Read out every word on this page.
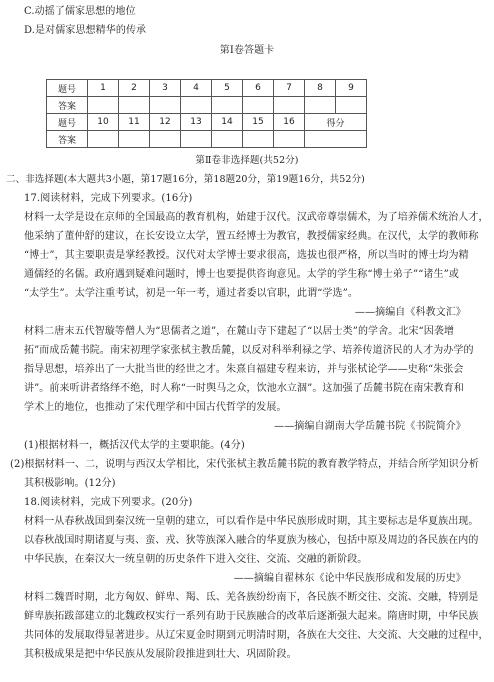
C.动摇了儒家思想的地位
D.是对儒家思想精华的传承
第Ⅰ卷答题卡
题号	1	2	3	4	5	6	7	8	9
答案									
题号	10	11	12	13	14	15	16	得分	
答案									
第Ⅱ卷非选择题(共52分)
二、非选择题(本大题共3小题，第17题16分，第18题20分，第19题16分，共52分)
17.阅读材料，完成下列要求。(16分)
材料一太学是设在京师的全国最高的教育机构，始建于汉代。汉武帝尊崇儒术，为了培养儒术统治人才，
他采纳了董仲舒的建议，在长安设立太学，置五经博士为教官，教授儒家经典。在汉代，太学的教师称
“博士”，其主要职责是掌经教授。汉代对太学博士要求很高，选拔也很严格，所以当时的博士均为精
通儒经的名儒。政府遇到疑难问题时，博士也要提供咨询意见。太学的学生称“博士弟子”“诸生”或
“太学生”。太学注重考试，初是一年一考，通过者委以官职，此谓“学选”。
——摘编自《科教文汇》
材料二唐末五代智璇等僧人为“思儒者之道”，在麓山寺下建起了“以居士类”的学舍。北宋“因袭增
拓”而成岳麓书院。南宋初理学家张栻主教岳麓，以反对科举利禄之学、培养传道济民的人才为办学的
指导思想，培养出了一大批当世的经世之才。朱熹自福建专程来访，并与张栻论学——史称“朱张会
讲”。前来听讲者络绎不绝，时人称“一时舆马之众，饮池水立涸”。这加强了岳麓书院在南宋教育和
学术上的地位，也推动了宋代理学和中国古代哲学的发展。
——摘编自湖南大学岳麓书院《书院简介》
(1)根据材料一，概括汉代太学的主要职能。(4分)
(2)根据材料一、二，说明与西汉太学相比，宋代张栻主教岳麓书院的教育教学特点，并结合所学知识分析
其积极影响。(12分)
18.阅读材料，完成下列要求。(20分)
材料一从春秋战国到秦汉统一皇朝的建立，可以看作是中华民族形成时期，其主要标志是华夏族出现。
以春秋战国时期诸夏与夷、蛮、戎、狄等族深入融合的华夏族为核心，包括中原及周边的各民族在内的
中华民族，在秦汉大一统皇朝的历史条件下进入交往、交流、交融的新阶段。
——摘编自翟林东《论中华民族形成和发展的历史》
材料二魏晋时期，北方匈奴、鲜卑、羯、氐、羌各族纷纷南下，各民族不断交往、交流、交融，特别是
鲜卑族拓跋部建立的北魏政权实行一系列有助于民族融合的改革后逐渐强大起来。隋唐时期，中华民族
共同体的发展取得显著进步。从辽宋夏金时期到元明清时期，各族在大交往、大交流、大交融的过程中，
其积极成果是把中华民族从发展阶段推进到壮大、巩固阶段。
